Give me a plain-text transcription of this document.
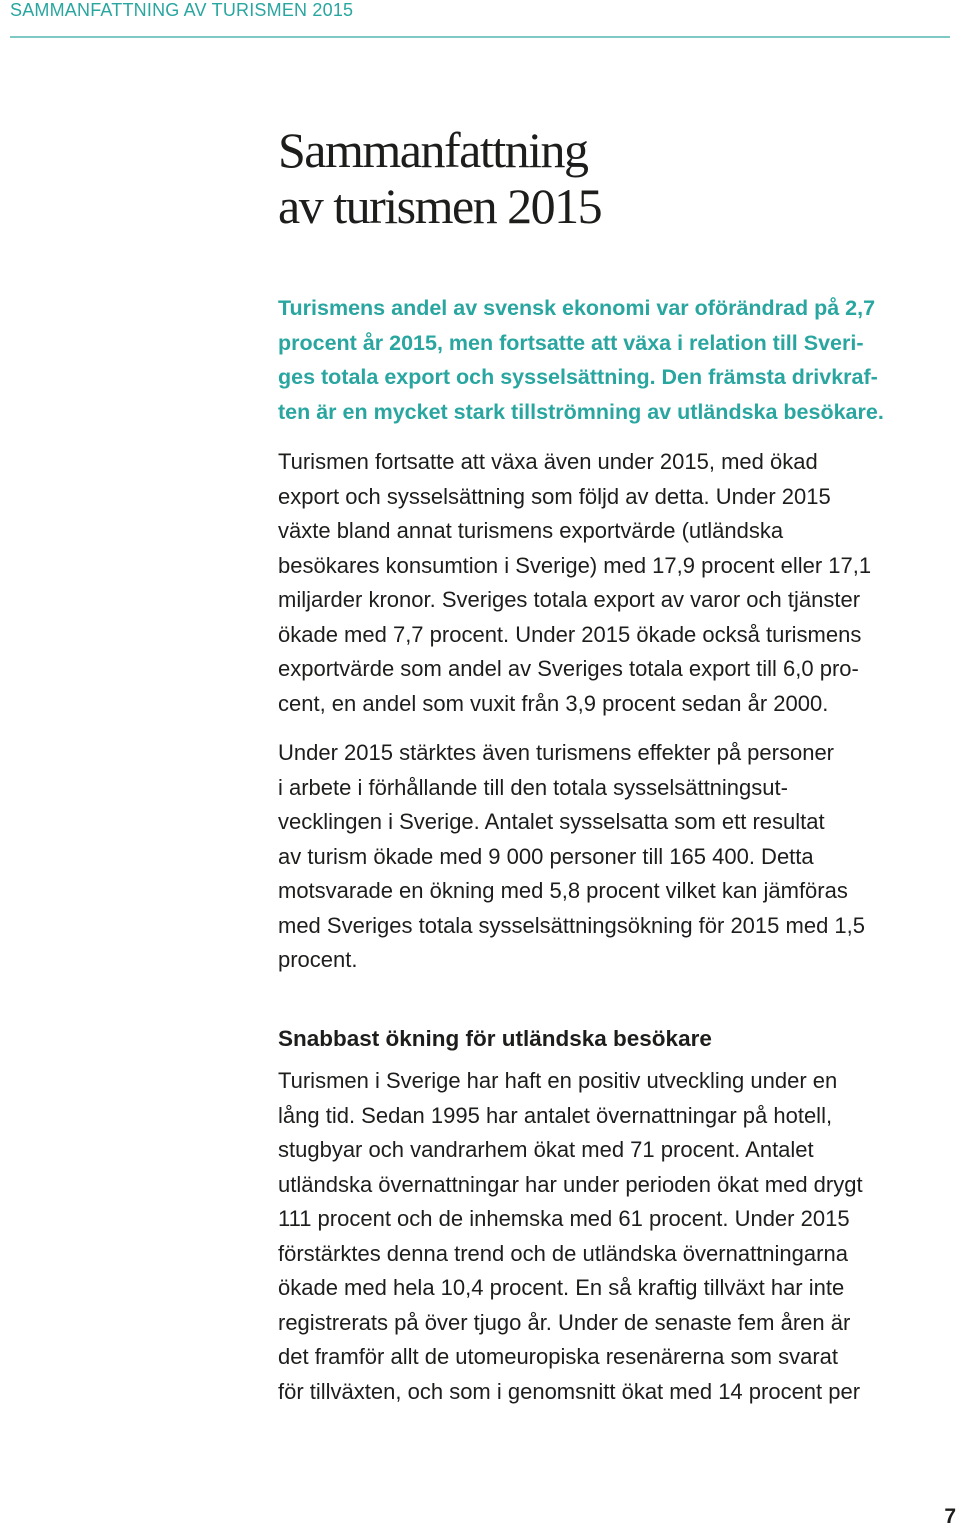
SAMMANFATTNING AV TURISMEN 2015
Sammanfattning
av turismen 2015
Turismens andel av svensk ekonomi var oförändrad på 2,7
procent år 2015, men fortsatte att växa i relation till Sveri-
ges totala export och sysselsättning. Den främsta drivkraf-
ten är en mycket stark tillströmning av utländska besökare.
Turismen fortsatte att växa även under 2015, med ökad
export och sysselsättning som följd av detta. Under 2015
växte bland annat turismens exportvärde (utländska
besökares konsumtion i Sverige) med 17,9 procent eller 17,1
miljarder kronor. Sveriges totala export av varor och tjänster
ökade med 7,7 procent. Under 2015 ökade också turismens
exportvärde som andel av Sveriges totala export till 6,0 pro-
cent, en andel som vuxit från 3,9 procent sedan år 2000.
Under 2015 stärktes även turismens effekter på personer
i arbete i förhållande till den totala sysselsättningsut-
vecklingen i Sverige. Antalet sysselsatta som ett resultat
av turism ökade med 9 000 personer till 165 400. Detta
motsvarade en ökning med 5,8 procent vilket kan jämföras
med Sveriges totala sysselsättningsökning för 2015 med 1,5
procent.
Snabbast ökning för utländska besökare
Turismen i Sverige har haft en positiv utveckling under en
lång tid. Sedan 1995 har antalet övernattningar på hotell,
stugbyar och vandrarhem ökat med 71 procent. Antalet
utländska övernattningar har under perioden ökat med drygt
111 procent och de inhemska med 61 procent. Under 2015
förstärktes denna trend och de utländska övernattningarna
ökade med hela 10,4 procent. En så kraftig tillväxt har inte
registrerats på över tjugo år. Under de senaste fem åren är
det framför allt de utomeuropiska resenärerna som svarat
för tillväxten, och som i genomsnitt ökat med 14 procent per
7
